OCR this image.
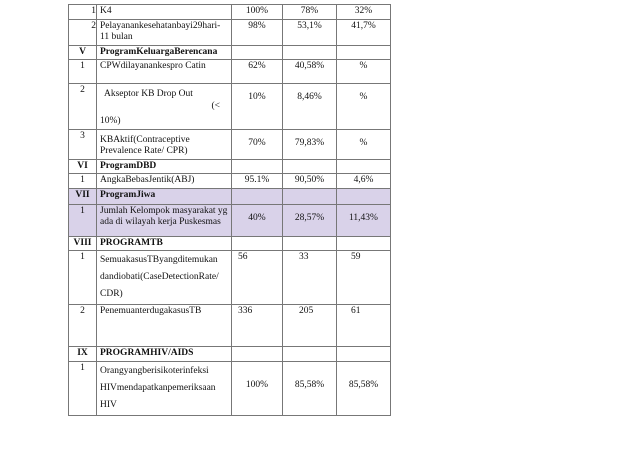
1	K4	100%	78%	32%
2	Pelayanankesehatanbayi29hari- 11 bulan	98%	53,1%	41,7%
V	ProgramKeluargaBerencana			
1	CPWdilayanankespro Catin	62%	40,58%	%
2	Akseptor KB Drop Out
(<
10%)	10%	8,46%	%
3	KBAktif(Contraceptive Prevalence Rate/ CPR)	70%	79,83%	%
VI	ProgramDBD			
1	AngkaBebasJentik(ABJ)	95.1%	90,50%	4,6%
VII	ProgramJiwa			
1	Jumlah Kelompok masyarakat yg ada di wilayah kerja Puskesmas	40%	28,57%	11,43%
VIII	PROGRAMTB			
1	SemuakasusTByangditemukan
dandiobati(CaseDetectionRate/
CDR)	56	33	59
2	PenemuanterdugakasusTB	336	205	61
IX	PROGRAMHIV/AIDS			
1	Orangyangberisikoterinfeksi
HIVmendapatkanpemeriksaan
HIV	100%	85,58%	85,58%
